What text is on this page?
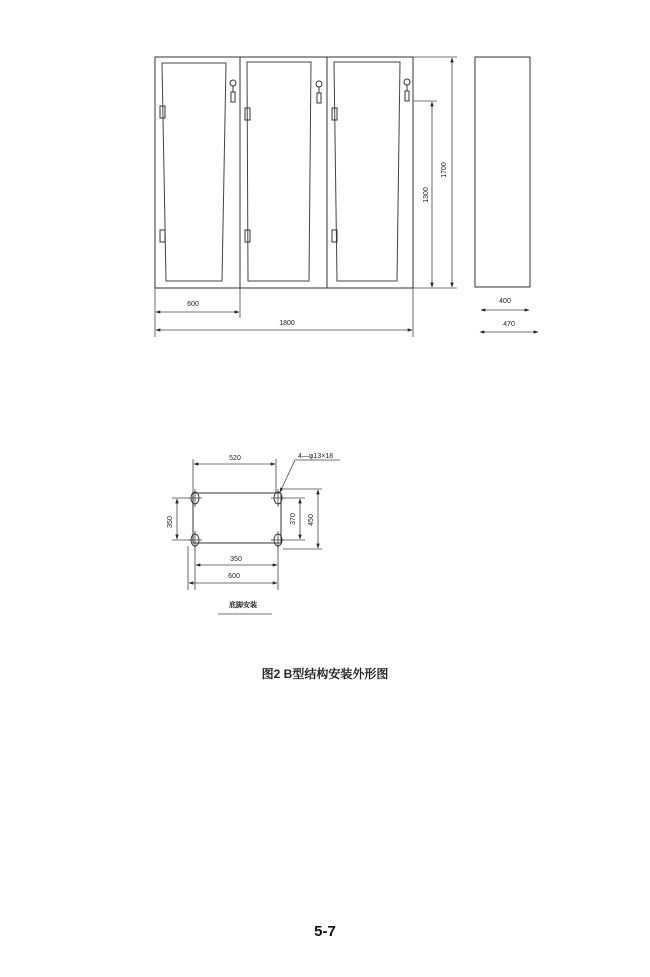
600
1800
1300
1700
400
470
520	4—φ13×18
350	370 450
350
600
底脚安装
图2 B型结构安装外形图
5-7
